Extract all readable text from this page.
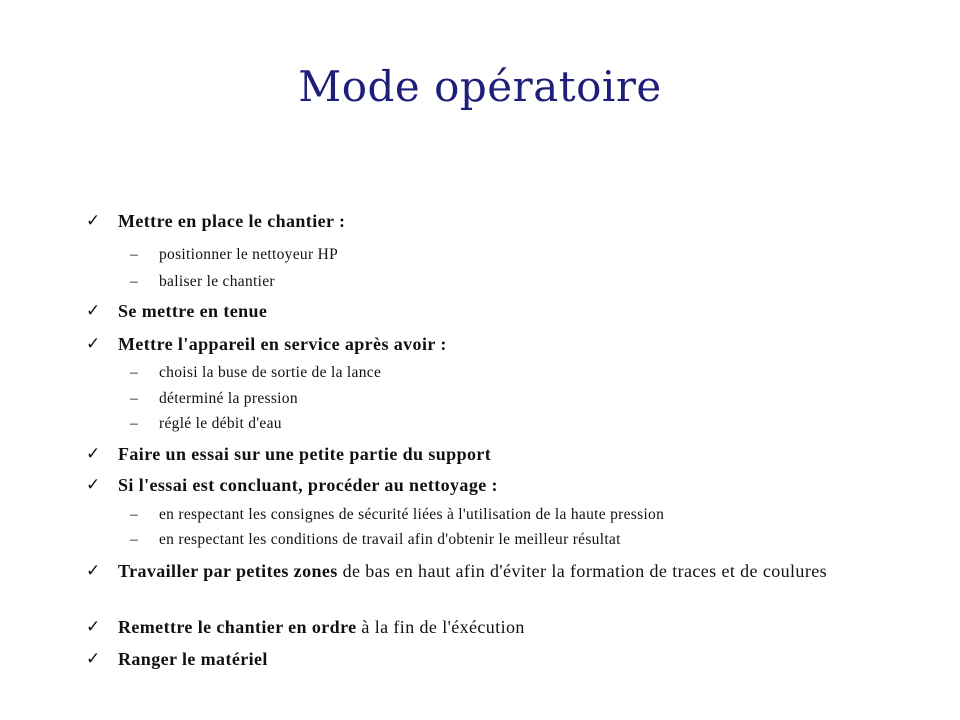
Mode opératoire
✓ Mettre en place le chantier :
– positionner le nettoyeur HP
– baliser le chantier
✓ Se mettre en tenue
✓ Mettre l'appareil en service après avoir :
– choisi la buse de sortie de la lance
– déterminé la pression
– réglé le débit d'eau
✓ Faire un essai sur une petite partie du support
✓ Si l'essai est concluant, procéder au nettoyage :
– en respectant les consignes de sécurité liées à l'utilisation de la haute pression
– en respectant les conditions de travail afin d'obtenir le meilleur résultat
✓ Travailler par petites zones de bas en haut afin d'éviter la formation de traces et de coulures
✓ Remettre le chantier en ordre à la fin de l'éxécution
✓ Ranger le matériel
